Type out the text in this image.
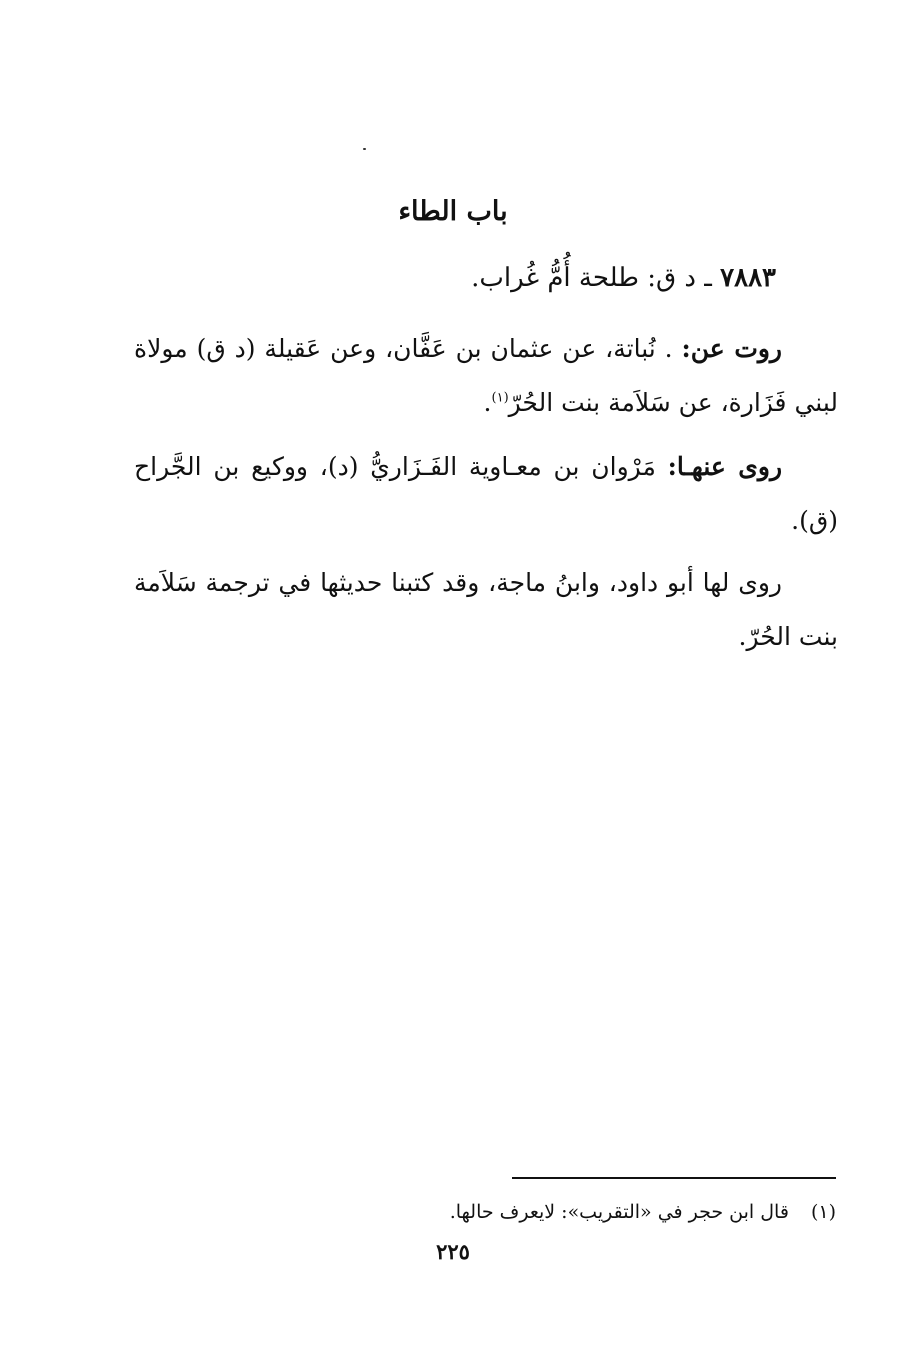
باب الطاء
٧٨٨٣ ـ د ق: طلحة أُمُّ غُراب.
روت عن: . نُباتة، عن عثمان بن عَفَّان، وعن عَقيلة (د ق) مولاة لبني فَزَارة، عن سَلاَمة بنت الحُرّ$^{(١)}$.
روى عنهـا: مَرْوان بن معـاوية الفَـزَاريُّ (د)، ووكيع بن الجَّراح (ق).
روى لها أبو داود، وابنُ ماجة، وقد كتبنا حديثها في ترجمة سَلاَمة بنت الحُرّ.
(١)قال ابن حجر في «التقريب»: لايعرف حالها.
٢٢٥
